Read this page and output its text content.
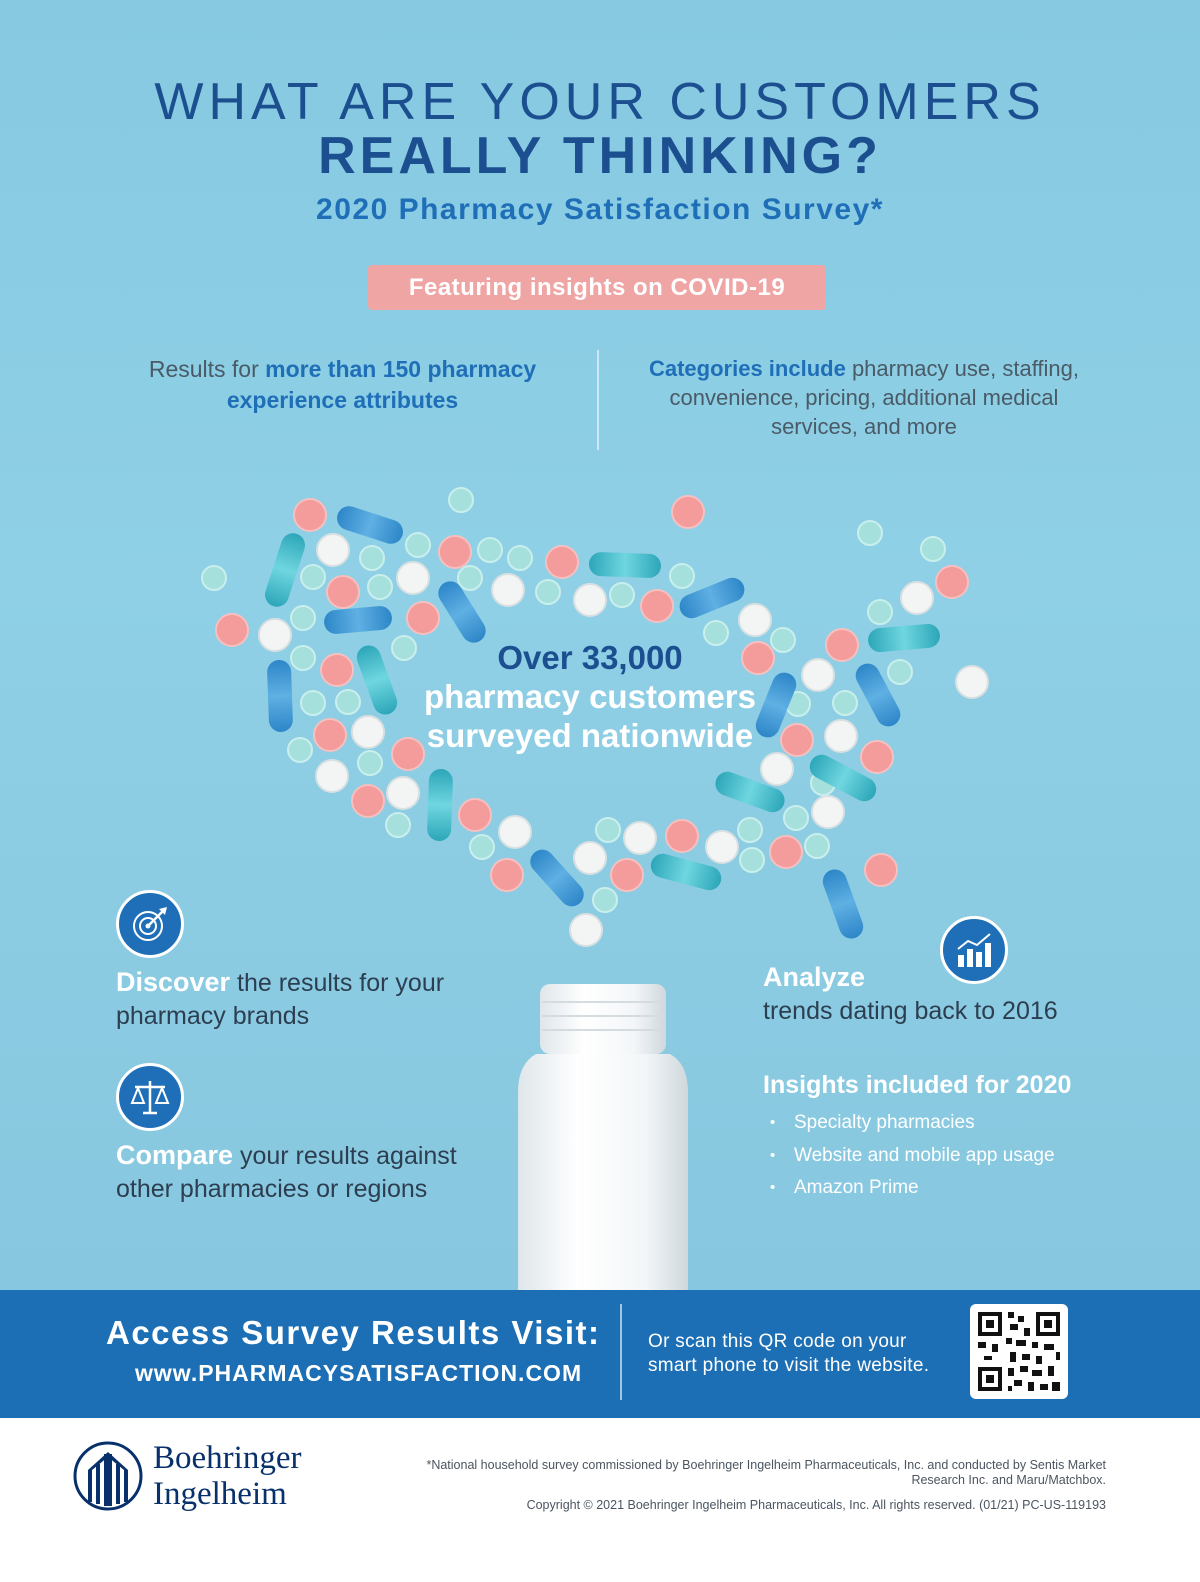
WHAT ARE YOUR CUSTOMERS
REALLY THINKING?
2020 Pharmacy Satisfaction Survey*
Featuring insights on COVID-19
Results for more than 150 pharmacy experience attributes
Categories include pharmacy use, staffing, convenience, pricing, additional medical services, and more
Over 33,000 pharmacy customers surveyed nationwide
Discover the results for your pharmacy brands
Compare your results against other pharmacies or regions
Analyze
trends dating back to 2016
Insights included for 2020
• Specialty pharmacies
• Website and mobile app usage
• Amazon Prime
Access Survey Results Visit:
www.PHARMACYSATISFACTION.COM
Or scan this QR code on your smart phone to visit the website.
Boehringer
Ingelheim
*National household survey commissioned by Boehringer Ingelheim Pharmaceuticals, Inc. and conducted by Sentis Market Research Inc. and Maru/Matchbox.
Copyright © 2021 Boehringer Ingelheim Pharmaceuticals, Inc. All rights reserved. (01/21) PC-US-119193
